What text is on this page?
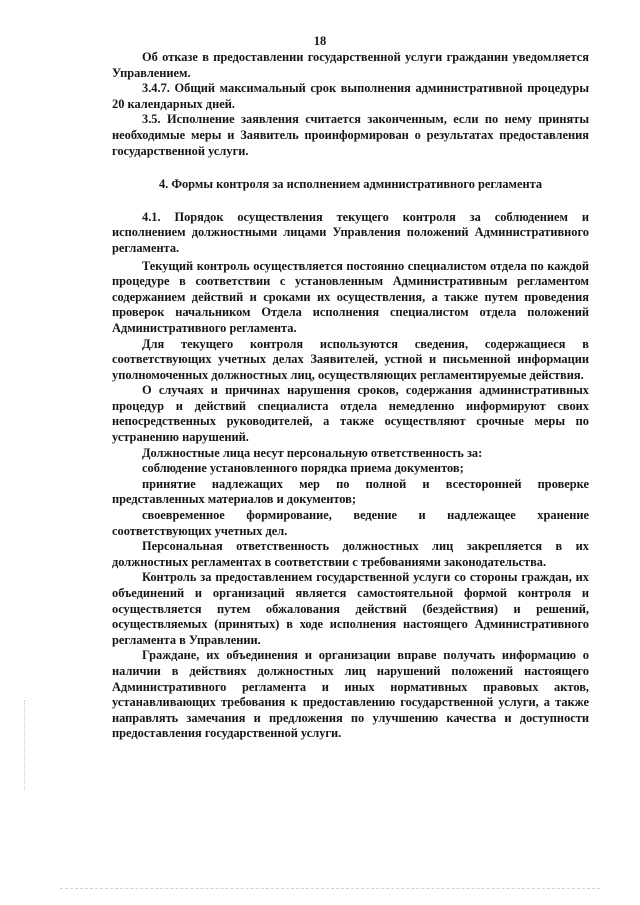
18

Об отказе в предоставлении государственной услуги гражданин уведомляется Управлением.

3.4.7. Общий максимальный срок выполнения административной процедуры 20 календарных дней.

3.5. Исполнение заявления считается законченным, если по нему приняты необходимые меры и Заявитель проинформирован о результатах предоставления государственной услуги.

4. Формы контроля за исполнением административного регламента

4.1. Порядок осуществления текущего контроля за соблюдением и исполнением должностными лицами Управления положений Административного регламента.

Текущий контроль осуществляется постоянно специалистом отдела по каждой процедуре в соответствии с установленным Административным регламентом содержанием действий и сроками их осуществления, а также путем проведения проверок начальником Отдела исполнения специалистом отдела положений Административного регламента.

Для текущего контроля используются сведения, содержащиеся в соответствующих учетных делах Заявителей, устной и письменной информации уполномоченных должностных лиц, осуществляющих регламентируемые действия.

О случаях и причинах нарушения сроков, содержания административных процедур и действий специалиста отдела немедленно информируют своих непосредственных руководителей, а также осуществляют срочные меры по устранению нарушений.

Должностные лица несут персональную ответственность за:

соблюдение установленного порядка приема документов;

принятие надлежащих мер по полной и всесторонней проверке представленных материалов и документов;

своевременное формирование, ведение и надлежащее хранение соответствующих учетных дел.

Персональная ответственность должностных лиц закрепляется в их должностных регламентах в соответствии с требованиями законодательства.

Контроль за предоставлением государственной услуги со стороны граждан, их объединений и организаций является самостоятельной формой контроля и осуществляется путем обжалования действий (бездействия) и решений, осуществляемых (принятых) в ходе исполнения настоящего Административного регламента в Управлении.

Граждане, их объединения и организации вправе получать информацию о наличии в действиях должностных лиц нарушений положений настоящего Административного регламента и иных нормативных правовых актов, устанавливающих требования к предоставлению государственной услуги, а также направлять замечания и предложения по улучшению качества и доступности предоставления государственной услуги.
